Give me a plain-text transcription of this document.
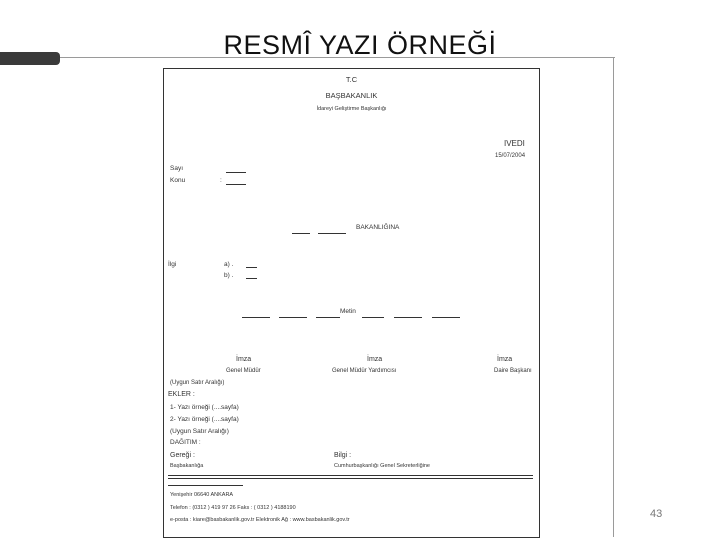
RESMÎ YAZI ÖRNEĞİ
T.C
BAŞBAKANLIK
İdareyi Geliştirme Başkanlığı
IVEDI
15/07/2004
Sayı
Konu	:
BAKANLIĞINA
İlgi	a) .
b) .
Metin
İmza
Genel Müdür
İmza
Genel Müdür Yardımcısı
İmza
Daire Başkanı
(Uygun Satır Aralığı)
EKLER :
1- Yazı örneği (....sayfa)
2- Yazı örneği (....sayfa)
(Uygun Satır Aralığı)
DAĞITIM :
Gereği :	Bilgi :
Başbakanlığa	Cumhurbaşkanlığı Genel Sekreterliğine
Yenişehir 06640 ANKARA
Telefon : (0312 ) 419 97 26 Faks : ( 0312 ) 4188190
e-posta : kiare@basbakanlik.gov.tr Elektronik Ağ : www.basbakanlik.gov.tr	43
